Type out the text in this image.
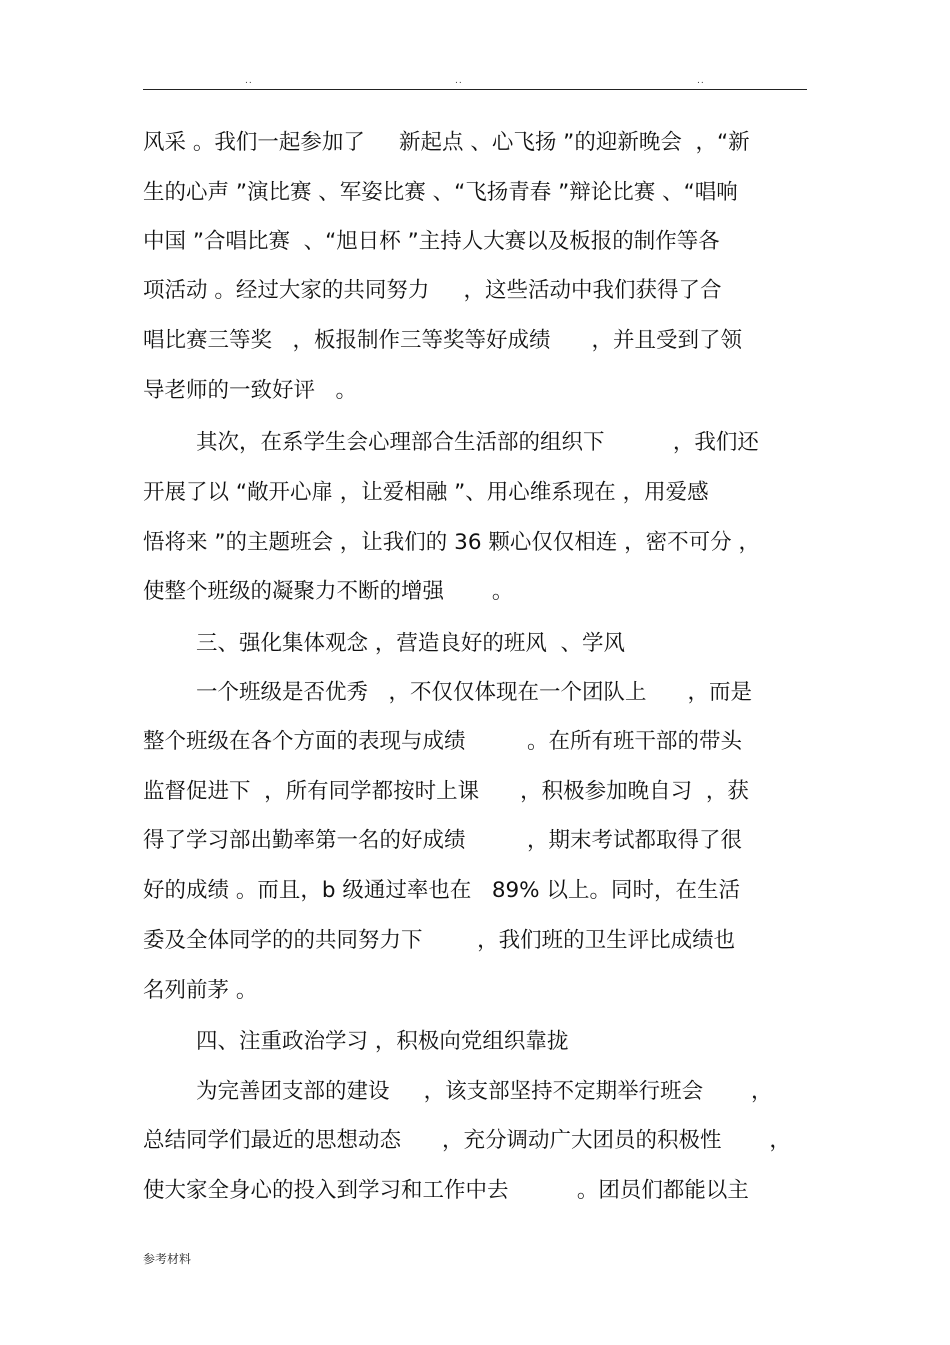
..	..	..
风采 。我们一起参加了     新起点 、心飞扬 ”的迎新晚会  ，“新
生的心声 ”演比赛 、军姿比赛 、“飞扬青春 ”辩论比赛 、“唱响
中国 ”合唱比赛  、“旭日杯 ”主持人大赛以及板报的制作等各
项活动 。经过大家的共同努力     ，这些活动中我们获得了合
唱比赛三等奖   ，板报制作三等奖等好成绩      ，并且受到了领
导老师的一致好评   。
其次，在系学生会心理部合生活部的组织下          ，我们还
开展了以 “敞开心扉 ，让爱相融 ”、用心维系现在 ，用爱感
悟将来 ”的主题班会 ，让我们的 36 颗心仅仅相连 ，密不可分 ，
使整个班级的凝聚力不断的增强       。
三、强化集体观念 ，营造良好的班风  、学风
一个班级是否优秀   ，不仅仅体现在一个团队上      ，而是
整个班级在各个方面的表现与成绩         。在所有班干部的带头
监督促进下  ，所有同学都按时上课      ，积极参加晚自习  ，获
得了学习部出勤率第一名的好成绩         ，期末考试都取得了很
好的成绩 。而且，b 级通过率也在   89% 以上。同时，在生活
委及全体同学的的共同努力下        ，我们班的卫生评比成绩也
名列前茅 。
四、注重政治学习 ，积极向党组织靠拢
为完善团支部的建设     ，该支部坚持不定期举行班会       ，
总结同学们最近的思想动态      ，充分调动广大团员的积极性       ，
使大家全身心的投入到学习和工作中去          。团员们都能以主
参考材料
